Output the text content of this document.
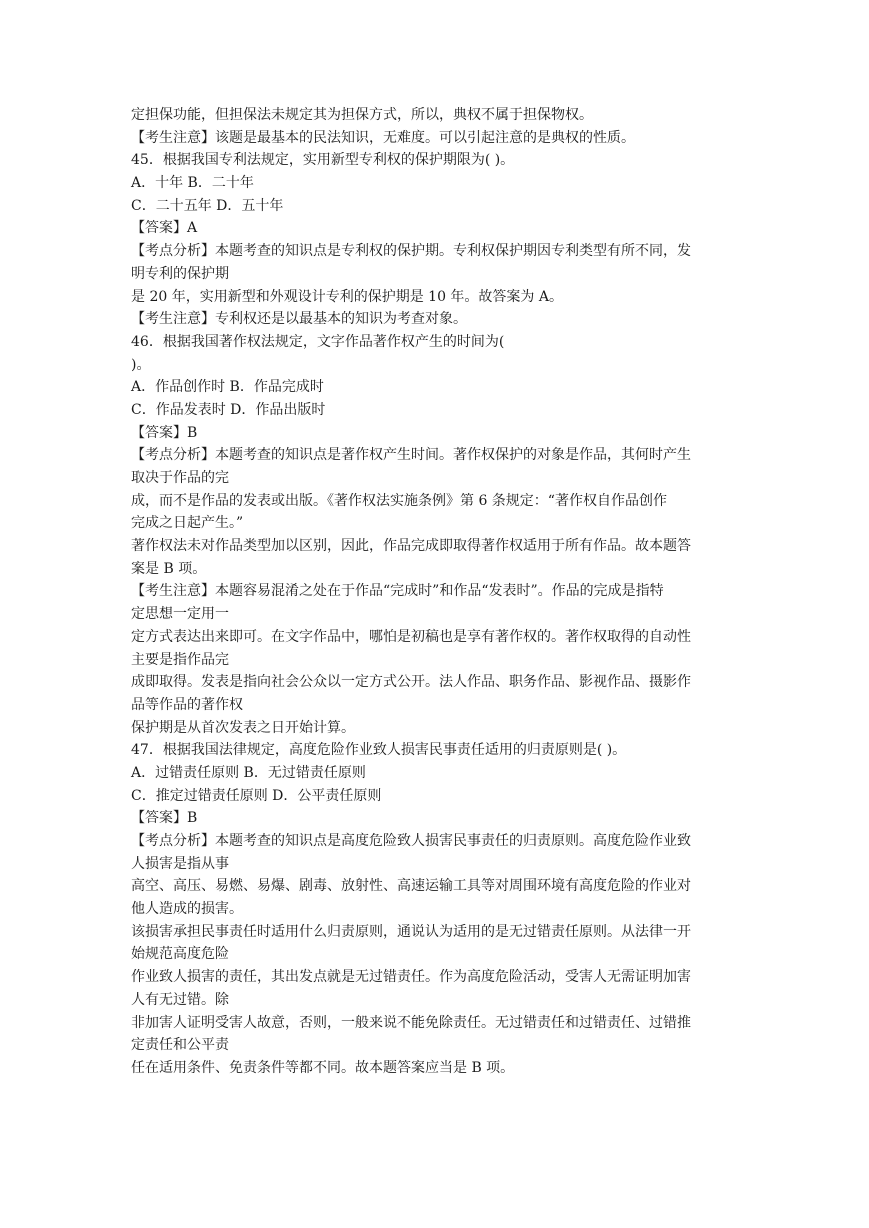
定担保功能，但担保法未规定其为担保方式，所以，典权不属于担保物权。
【考生注意】该题是最基本的民法知识，无难度。可以引起注意的是典权的性质。
45．根据我国专利法规定，实用新型专利权的保护期限为( )。
A．十年 B．二十年
C．二十五年 D．五十年
【答案】A
【考点分析】本题考查的知识点是专利权的保护期。专利权保护期因专利类型有所不同，发
明专利的保护期
是 20 年，实用新型和外观设计专利的保护期是 10 年。故答案为 A。
【考生注意】专利权还是以最基本的知识为考查对象。
46．根据我国著作权法规定，文字作品著作权产生的时间为(
)。
A．作品创作时 B．作品完成时
C．作品发表时 D．作品出版时
【答案】B
【考点分析】本题考查的知识点是著作权产生时间。著作权保护的对象是作品，其何时产生
取决于作品的完
成，而不是作品的发表或出版。《著作权法实施条例》第 6 条规定：“著作权自作品创作
完成之日起产生。”
著作权法未对作品类型加以区别，因此，作品完成即取得著作权适用于所有作品。故本题答
案是 B 项。
【考生注意】本题容易混淆之处在于作品“完成时”和作品“发表时”。作品的完成是指特
定思想一定用一
定方式表达出来即可。在文字作品中，哪怕是初稿也是享有著作权的。著作权取得的自动性
主要是指作品完
成即取得。发表是指向社会公众以一定方式公开。法人作品、职务作品、影视作品、摄影作
品等作品的著作权
保护期是从首次发表之日开始计算。
47．根据我国法律规定，高度危险作业致人损害民事责任适用的归责原则是( )。
A．过错责任原则 B．无过错责任原则
C．推定过错责任原则 D．公平责任原则
【答案】B
【考点分析】本题考查的知识点是高度危险致人损害民事责任的归责原则。高度危险作业致
人损害是指从事
高空、高压、易燃、易爆、剧毒、放射性、高速运输工具等对周围环境有高度危险的作业对
他人造成的损害。
该损害承担民事责任时适用什么归责原则，通说认为适用的是无过错责任原则。从法律一开
始规范高度危险
作业致人损害的责任，其出发点就是无过错责任。作为高度危险活动，受害人无需证明加害
人有无过错。除
非加害人证明受害人故意，否则，一般来说不能免除责任。无过错责任和过错责任、过错推
定责任和公平责
任在适用条件、免责条件等都不同。故本题答案应当是 B 项。
